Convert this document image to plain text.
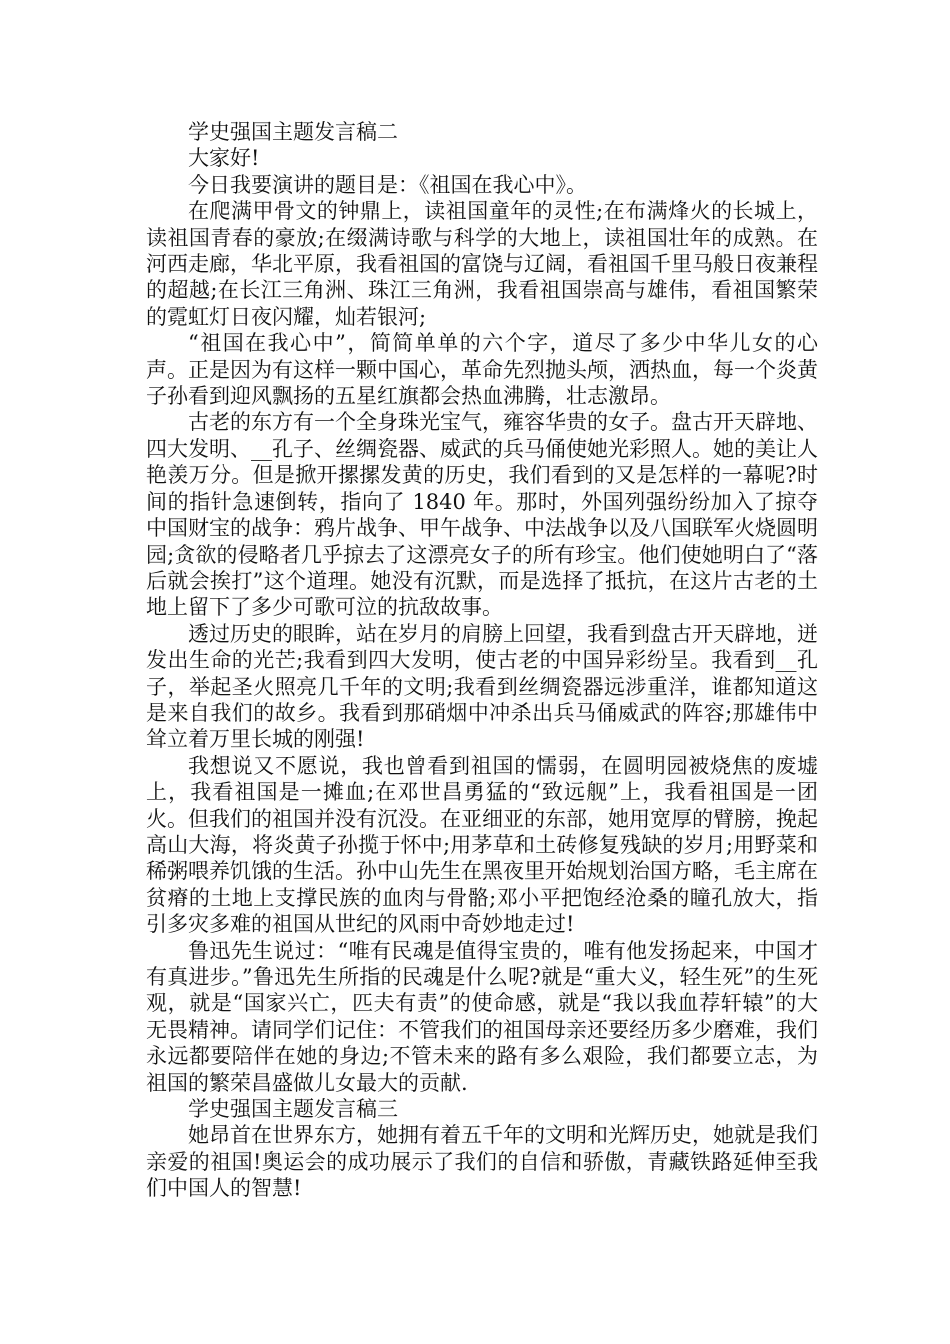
学史强国主题发言稿二
大家好!
今日我要演讲的题目是：《祖国在我心中》。
在爬满甲骨文的钟鼎上，读祖国童年的灵性;在布满烽火的长城上，读祖国青春的豪放;在缀满诗歌与科学的大地上，读祖国壮年的成熟。在河西走廊，华北平原，我看祖国的富饶与辽阔，看祖国千里马般日夜兼程的超越;在长江三角洲、珠江三角洲，我看祖国崇高与雄伟，看祖国繁荣的霓虹灯日夜闪耀，灿若银河;
“祖国在我心中”，简简单单的六个字，道尽了多少中华儿女的心声。正是因为有这样一颗中国心，革命先烈抛头颅，洒热血，每一个炎黄子孙看到迎风飘扬的五星红旗都会热血沸腾，壮志激昂。
古老的东方有一个全身珠光宝气，雍容华贵的女子。盘古开天辟地、四大发明、__孔子、丝绸瓷器、威武的兵马俑使她光彩照人。她的美让人艳羡万分。但是掀开摞摞发黄的历史，我们看到的又是怎样的一幕呢?时间的指针急速倒转，指向了 1840 年。那时，外国列强纷纷加入了掠夺中国财宝的战争：鸦片战争、甲午战争、中法战争以及八国联军火烧圆明园;贪欲的侵略者几乎掠去了这漂亮女子的所有珍宝。他们使她明白了“落后就会挨打”这个道理。她没有沉默，而是选择了抵抗，在这片古老的土地上留下了多少可歌可泣的抗敌故事。
透过历史的眼眸，站在岁月的肩膀上回望，我看到盘古开天辟地，迸发出生命的光芒;我看到四大发明，使古老的中国异彩纷呈。我看到__孔子，举起圣火照亮几千年的文明;我看到丝绸瓷器远涉重洋，谁都知道这是来自我们的故乡。我看到那硝烟中冲杀出兵马俑威武的阵容;那雄伟中耸立着万里长城的刚强!
我想说又不愿说，我也曾看到祖国的懦弱，在圆明园被烧焦的废墟上，我看祖国是一摊血;在邓世昌勇猛的“致远舰”上，我看祖国是一团火。但我们的祖国并没有沉没。在亚细亚的东部，她用宽厚的臂膀，挽起高山大海，将炎黄子孙揽于怀中;用茅草和土砖修复残缺的岁月;用野菜和稀粥喂养饥饿的生活。孙中山先生在黑夜里开始规划治国方略，毛主席在贫瘠的土地上支撑民族的血肉与骨骼;邓小平把饱经沧桑的瞳孔放大，指引多灾多难的祖国从世纪的风雨中奇妙地走过!
鲁迅先生说过：“唯有民魂是值得宝贵的，唯有他发扬起来，中国才有真进步。”鲁迅先生所指的民魂是什么呢?就是“重大义，轻生死”的生死观，就是“国家兴亡，匹夫有责”的使命感，就是“我以我血荐轩辕”的大无畏精神。请同学们记住：不管我们的祖国母亲还要经历多少磨难，我们永远都要陪伴在她的身边;不管未来的路有多么艰险，我们都要立志，为祖国的繁荣昌盛做儿女最大的贡献.
学史强国主题发言稿三
她昂首在世界东方，她拥有着五千年的文明和光辉历史，她就是我们亲爱的祖国!奥运会的成功展示了我们的自信和骄傲，青藏铁路延伸至我们中国人的智慧!
